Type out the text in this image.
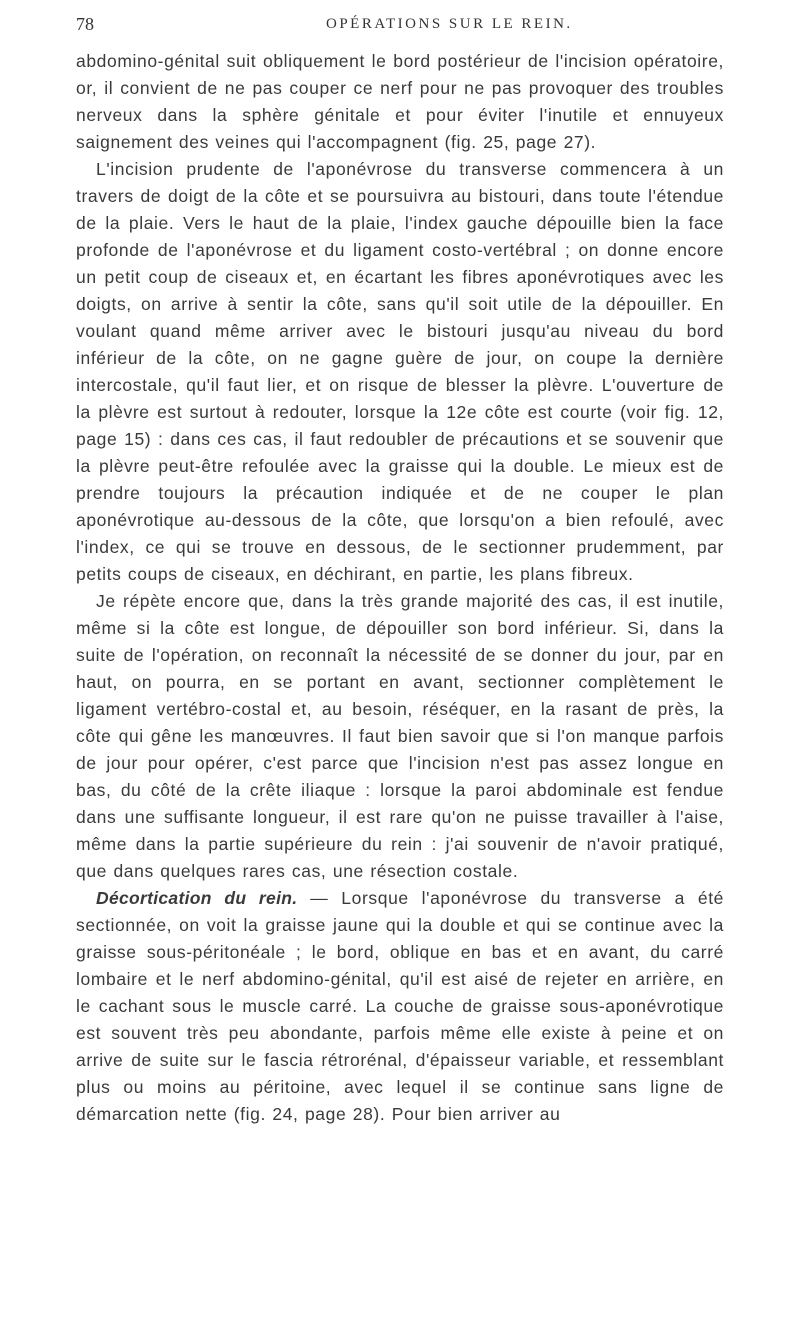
78	OPÉRATIONS SUR LE REIN.

abdomino-génital suit obliquement le bord postérieur de l'incision opératoire, or, il convient de ne pas couper ce nerf pour ne pas provoquer des troubles nerveux dans la sphère génitale et pour éviter l'inutile et ennuyeux saignement des veines qui l'accompagnent (fig. 25, page 27).

L'incision prudente de l'aponévrose du transverse commencera à un travers de doigt de la côte et se poursuivra au bistouri, dans toute l'étendue de la plaie. Vers le haut de la plaie, l'index gauche dépouille bien la face profonde de l'aponévrose et du ligament costo-vertébral ; on donne encore un petit coup de ciseaux et, en écartant les fibres aponévrotiques avec les doigts, on arrive à sentir la côte, sans qu'il soit utile de la dépouiller. En voulant quand même arriver avec le bistouri jusqu'au niveau du bord inférieur de la côte, on ne gagne guère de jour, on coupe la dernière intercostale, qu'il faut lier, et on risque de blesser la plèvre. L'ouverture de la plèvre est surtout à redouter, lorsque la 12e côte est courte (voir fig. 12, page 15) : dans ces cas, il faut redoubler de précautions et se souvenir que la plèvre peut-être refoulée avec la graisse qui la double. Le mieux est de prendre toujours la précaution indiquée et de ne couper le plan aponévrotique au-dessous de la côte, que lorsqu'on a bien refoulé, avec l'index, ce qui se trouve en dessous, de le sectionner prudemment, par petits coups de ciseaux, en déchirant, en partie, les plans fibreux.

Je répète encore que, dans la très grande majorité des cas, il est inutile, même si la côte est longue, de dépouiller son bord inférieur. Si, dans la suite de l'opération, on reconnaît la nécessité de se donner du jour, par en haut, on pourra, en se portant en avant, sectionner complètement le ligament vertébro-costal et, au besoin, réséquer, en la rasant de près, la côte qui gêne les manœuvres. Il faut bien savoir que si l'on manque parfois de jour pour opérer, c'est parce que l'incision n'est pas assez longue en bas, du côté de la crête iliaque : lorsque la paroi abdominale est fendue dans une suffisante longueur, il est rare qu'on ne puisse travailler à l'aise, même dans la partie supérieure du rein : j'ai souvenir de n'avoir pratiqué, que dans quelques rares cas, une résection costale.

Décortication du rein. — Lorsque l'aponévrose du transverse a été sectionnée, on voit la graisse jaune qui la double et qui se continue avec la graisse sous-péritonéale ; le bord, oblique en bas et en avant, du carré lombaire et le nerf abdomino-génital, qu'il est aisé de rejeter en arrière, en le cachant sous le muscle carré. La couche de graisse sous-aponévrotique est souvent très peu abondante, parfois même elle existe à peine et on arrive de suite sur le fascia rétrorénal, d'épaisseur variable, et ressemblant plus ou moins au péritoine, avec lequel il se continue sans ligne de démarcation nette (fig. 24, page 28). Pour bien arriver au
